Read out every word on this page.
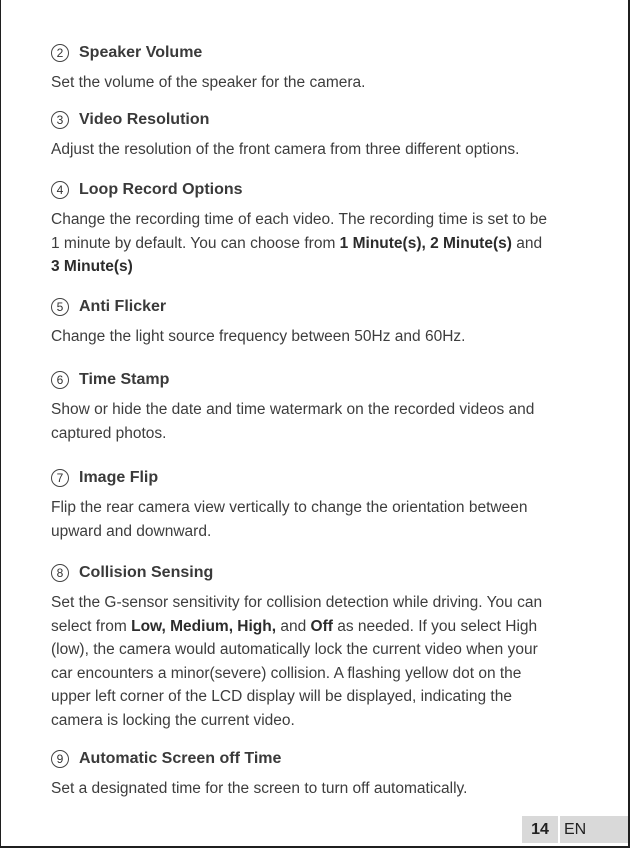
2 Speaker Volume
Set the volume of the speaker for the camera.
3 Video Resolution
Adjust the resolution of the front camera from three different options.
4 Loop Record Options
Change the recording time of each video. The recording time is set to be
1 minute by default. You can choose from 1 Minute(s), 2 Minute(s) and
3 Minute(s)
5 Anti Flicker
Change the light source frequency between 50Hz and 60Hz.
6 Time Stamp
Show or hide the date and time watermark on the recorded videos and
captured photos.
7 Image Flip
Flip the rear camera view vertically to change the orientation between
upward and downward.
8 Collision Sensing
Set the G-sensor sensitivity for collision detection while driving. You can
select from Low, Medium, High, and Off as needed. If you select High
(low), the camera would automatically lock the current video when your
car encounters a minor(severe) collision. A flashing yellow dot on the
upper left corner of the LCD display will be displayed, indicating the
camera is locking the current video.
9 Automatic Screen off Time
Set a designated time for the screen to turn off automatically.
14 EN
